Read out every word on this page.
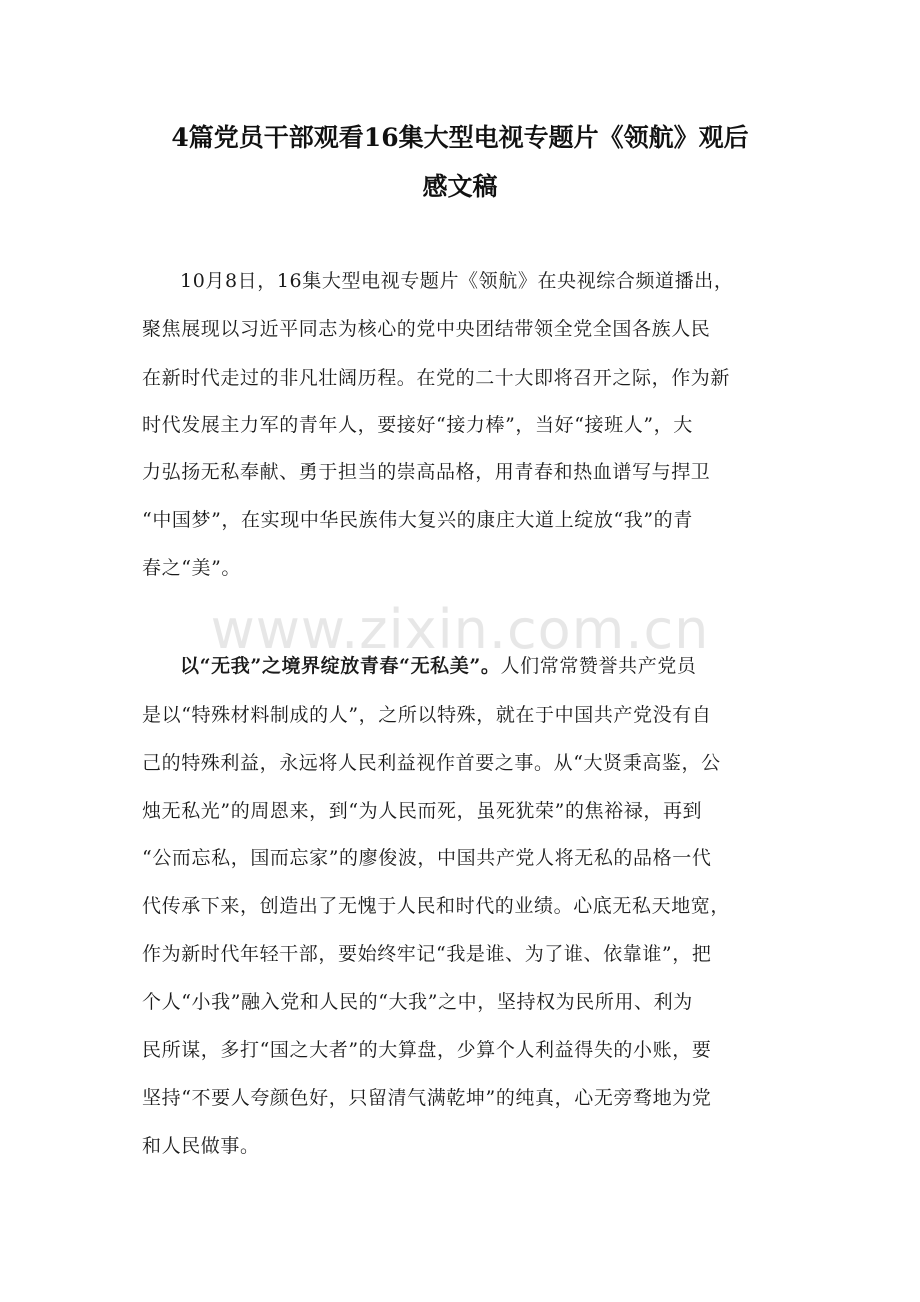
4篇党员干部观看16集大型电视专题片《领航》观后
感文稿
10月8日，16集大型电视专题片《领航》在央视综合频道播出，
聚焦展现以习近平同志为核心的党中央团结带领全党全国各族人民
在新时代走过的非凡壮阔历程。在党的二十大即将召开之际，作为新
时代发展主力军的青年人，要接好“接力棒”，当好“接班人”，大
力弘扬无私奉献、勇于担当的崇高品格，用青春和热血谱写与捍卫
“中国梦”，在实现中华民族伟大复兴的康庄大道上绽放“我”的青
春之“美”。
www.zixin.com.cn
以“无我”之境界绽放青春“无私美”。人们常常赞誉共产党员
是以“特殊材料制成的人”，之所以特殊，就在于中国共产党没有自
己的特殊利益，永远将人民利益视作首要之事。从“大贤秉高鉴，公
烛无私光”的周恩来，到“为人民而死，虽死犹荣”的焦裕禄，再到
“公而忘私，国而忘家”的廖俊波，中国共产党人将无私的品格一代
代传承下来，创造出了无愧于人民和时代的业绩。心底无私天地宽，
作为新时代年轻干部，要始终牢记“我是谁、为了谁、依靠谁”，把
个人“小我”融入党和人民的“大我”之中，坚持权为民所用、利为
民所谋，多打“国之大者”的大算盘，少算个人利益得失的小账，要
坚持“不要人夸颜色好，只留清气满乾坤”的纯真，心无旁骛地为党
和人民做事。
